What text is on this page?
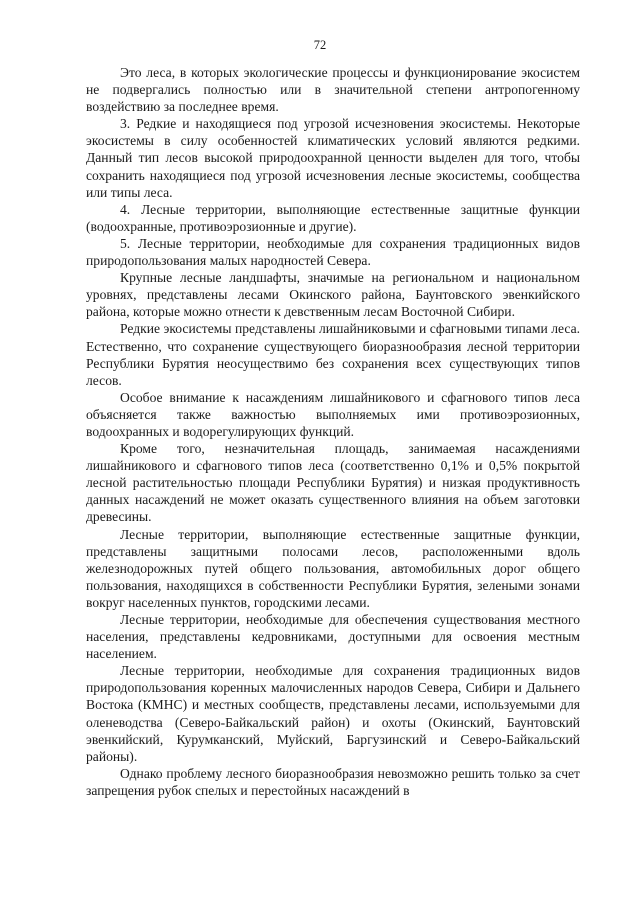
72

Это леса, в которых экологические процессы и функционирование экосистем не подвергались полностью или в значительной степени антропогенному воздействию за последнее время.

3. Редкие и находящиеся под угрозой исчезновения экосистемы. Некоторые экосистемы в силу особенностей климатических условий являются редкими. Данный тип лесов высокой природоохранной ценности выделен для того, чтобы сохранить находящиеся под угрозой исчезновения лесные экосистемы, сообщества или типы леса.

4. Лесные территории, выполняющие естественные защитные функции (водоохранные, противоэрозионные и другие).

5. Лесные территории, необходимые для сохранения традиционных видов природопользования малых народностей Севера.

Крупные лесные ландшафты, значимые на региональном и национальном уровнях, представлены лесами Окинского района, Баунтовского эвенкийского района, которые можно отнести к девственным лесам Восточной Сибири.

Редкие экосистемы представлены лишайниковыми и сфагновыми типами леса. Естественно, что сохранение существующего биоразнообразия лесной территории Республики Бурятия неосуществимо без сохранения всех существующих типов лесов.

Особое внимание к насаждениям лишайникового и сфагнового типов леса объясняется также важностью выполняемых ими противоэрозионных, водоохранных и водорегулирующих функций.

Кроме того, незначительная площадь, занимаемая насаждениями лишайникового и сфагнового типов леса (соответственно 0,1% и 0,5% покрытой лесной растительностью площади Республики Бурятия) и низкая продуктивность данных насаждений не может оказать существенного влияния на объем заготовки древесины.

Лесные территории, выполняющие естественные защитные функции, представлены защитными полосами лесов, расположенными вдоль железнодорожных путей общего пользования, автомобильных дорог общего пользования, находящихся в собственности Республики Бурятия, зелеными зонами вокруг населенных пунктов, городскими лесами.

Лесные территории, необходимые для обеспечения существования местного населения, представлены кедровниками, доступными для освоения местным населением.

Лесные территории, необходимые для сохранения традиционных видов природопользования коренных малочисленных народов Севера, Сибири и Дальнего Востока (КМНС) и местных сообществ, представлены лесами, используемыми для оленеводства (Северо-Байкальский район) и охоты (Окинский, Баунтовский эвенкийский, Курумканский, Муйский, Баргузинский и Северо-Байкальский районы).

Однако проблему лесного биоразнообразия невозможно решить только за счет запрещения рубок спелых и перестойных насаждений в
